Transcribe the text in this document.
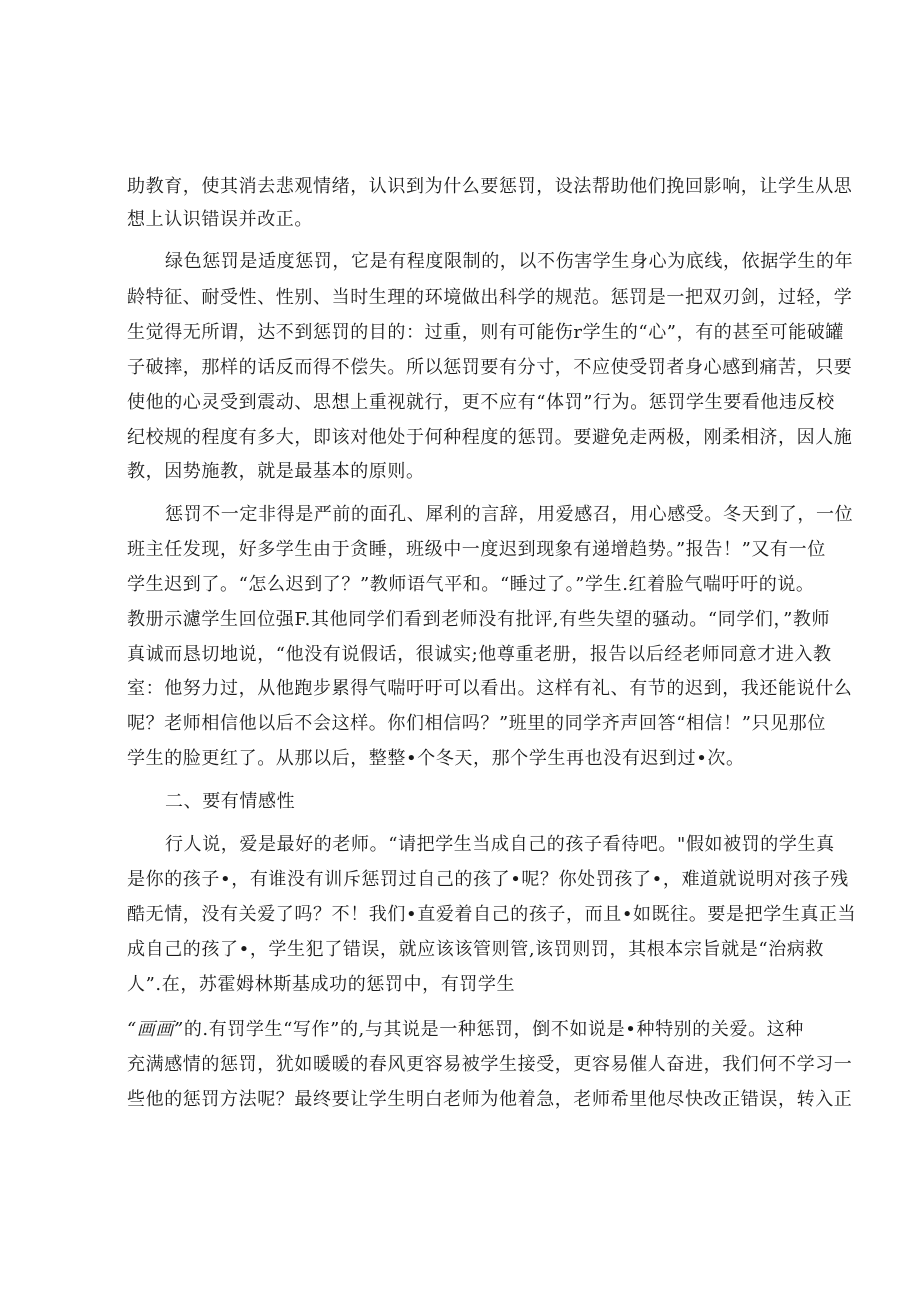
助教育，使其消去悲观情绪，认识到为什么要惩罚，设法帮助他们挽回影响，让学生从思
想上认识错误并改正。
绿色惩罚是适度惩罚，它是有程度限制的，以不伤害学生身心为底线，依据学生的年
龄特征、耐受性、性别、当时生理的环境做出科学的规范。惩罚是一把双刃剑，过轻，学
生觉得无所谓，达不到惩罚的目的：过重，则有可能伤r学生的“心”，有的甚至可能破罐
子破摔，那样的话反而得不偿失。所以惩罚要有分寸，不应使受罚者身心感到痛苦，只要
使他的心灵受到震动、思想上重视就行，更不应有“体罚”行为。惩罚学生要看他违反校
纪校规的程度有多大，即该对他处于何种程度的惩罚。要避免走两极，刚柔相济，因人施
教，因势施教，就是最基本的原则。
惩罚不一定非得是严前的面孔、犀利的言辞，用爱感召，用心感受。冬天到了，一位
班主任发现，好多学生由于贪睡，班级中一度迟到现象有递增趋势。”报告！”又有一位
学生迟到了。“怎么迟到了？”教师语气平和。“睡过了。”学生.红着脸气喘吁吁的说。
教册示濾学生回位强F.其他同学们看到老师没有批评,有些失望的骚动。“同学们，”教师
真诚而恳切地说，“他没有说假话，很诚实;他尊重老册，报告以后经老师同意才进入教
室：他努力过，从他跑步累得气喘吁吁可以看出。这样有礼、有节的迟到，我还能说什么
呢？老师相信他以后不会这样。你们相信吗？”班里的同学齐声回答“相信！”只见那位
学生的脸更红了。从那以后，整整•个冬天，那个学生再也没有迟到过•次。
二、要有情感性
行人说，爱是最好的老师。“请把学生当成自己的孩子看待吧。"假如被罚的学生真
是你的孩子•，有谁没有训斥惩罚过自己的孩了•呢？你处罚孩了•，难道就说明对孩子残
酷无情，没有关爱了吗？不！我们•直爱着自己的孩子，而且•如既往。要是把学生真正当
成自己的孩了•，学生犯了错误，就应该该管则管,该罚则罚，其根本宗旨就是“治病救
人”.在，苏霍姆林斯基成功的惩罚中，有罚学生
“画画”的.有罚学生“写作”的,与其说是一种惩罚，倒不如说是•种特别的关爱。这种
充满感情的惩罚，犹如暖暖的春风更容易被学生接受，更容易催人奋进，我们何不学习一
些他的惩罚方法呢？最终要让学生明白老师为他着急，老师希里他尽快改正错误，转入正
